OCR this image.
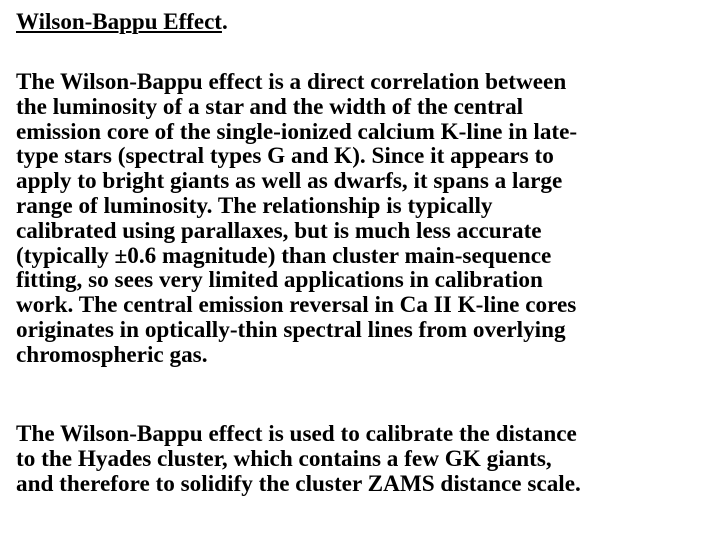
Wilson-Bappu Effect.

The Wilson-Bappu effect is a direct correlation between
the luminosity of a star and the width of the central
emission core of the single-ionized calcium K-line in late-
type stars (spectral types G and K). Since it appears to
apply to bright giants as well as dwarfs, it spans a large
range of luminosity. The relationship is typically
calibrated using parallaxes, but is much less accurate
(typically ±0.6 magnitude) than cluster main-sequence
fitting, so sees very limited applications in calibration
work. The central emission reversal in Ca II K-line cores
originates in optically-thin spectral lines from overlying
chromospheric gas.

The Wilson-Bappu effect is used to calibrate the distance
to the Hyades cluster, which contains a few GK giants,
and therefore to solidify the cluster ZAMS distance scale.
